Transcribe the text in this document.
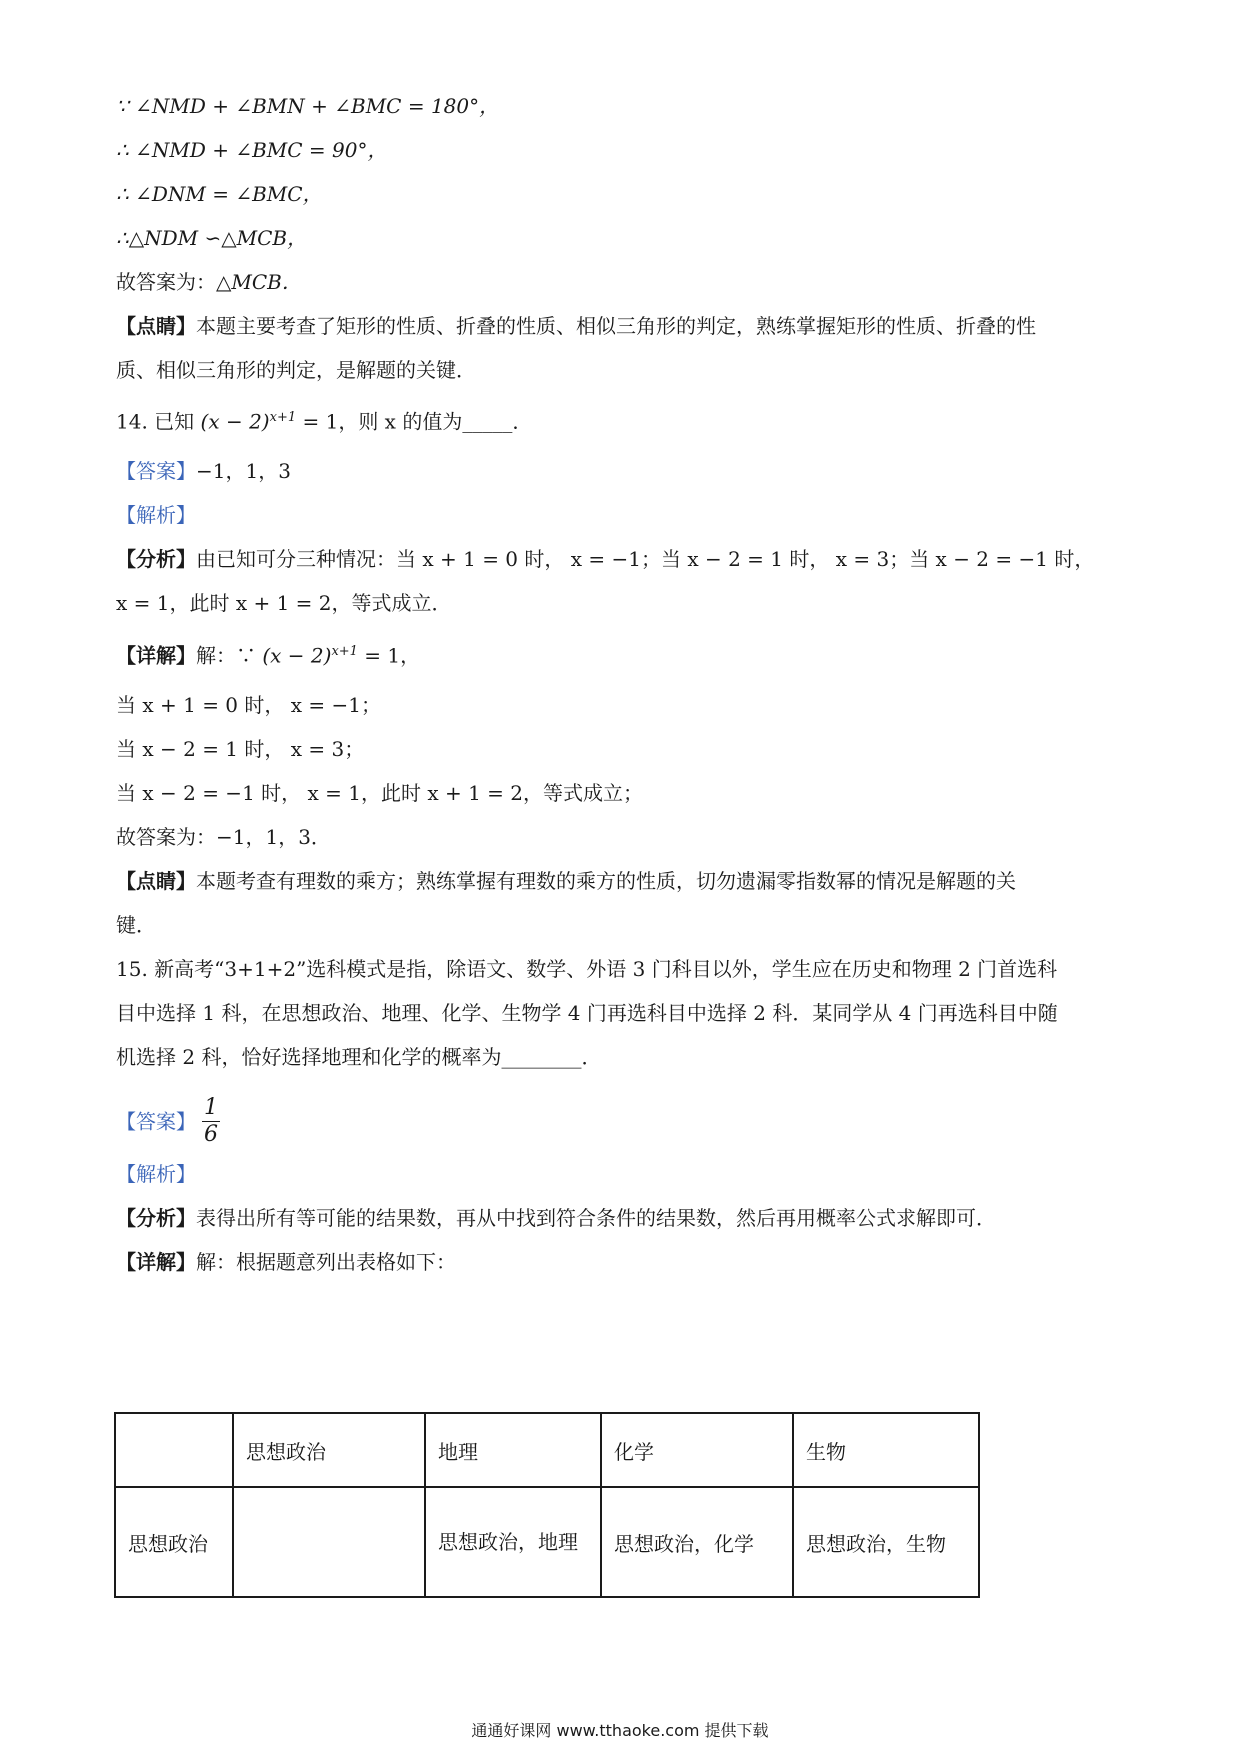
∵ ∠NMD + ∠BMN + ∠BMC = 180°，
∴ ∠NMD + ∠BMC = 90°，
∴ ∠DNM = ∠BMC，
∴△NDM ∽△MCB，
故答案为：△MCB．
【点睛】本题主要考查了矩形的性质、折叠的性质、相似三角形的判定，熟练掌握矩形的性质、折叠的性
质、相似三角形的判定，是解题的关键．
14. 已知 $(x - 2)^{x+1} = 1$，则 x 的值为_____．
【答案】−1，1，3
【解析】
【分析】由已知可分三种情况：当 x + 1 = 0 时， x = −1；当 x − 2 = 1 时， x = 3；当 x − 2 = −1 时，
x = 1，此时 x + 1 = 2，等式成立．
【详解】解：∵ $(x - 2)^{x+1} = 1$，
当 x + 1 = 0 时， x = −1；
当 x − 2 = 1 时， x = 3；
当 x − 2 = −1 时， x = 1，此时 x + 1 = 2，等式成立；
故答案为：−1，1，3．
【点睛】本题考查有理数的乘方；熟练掌握有理数的乘方的性质，切勿遗漏零指数幂的情况是解题的关
键．
15. 新高考“3+1+2”选科模式是指，除语文、数学、外语 3 门科目以外，学生应在历史和物理 2 门首选科
目中选择 1 科，在思想政治、地理、化学、生物学 4 门再选科目中选择 2 科．某同学从 4 门再选科目中随
机选择 2 科，恰好选择地理和化学的概率为________．
【答案】 $\frac{1}{6}$
【解析】
【分析】表得出所有等可能的结果数，再从中找到符合条件的结果数，然后再用概率公式求解即可．
【详解】解：根据题意列出表格如下：
	思想政治	地理	化学	生物
思想政治		思想政治，地理	思想政治，化学	思想政治，生物
通通好课网 www.tthaoke.com 提供下载
